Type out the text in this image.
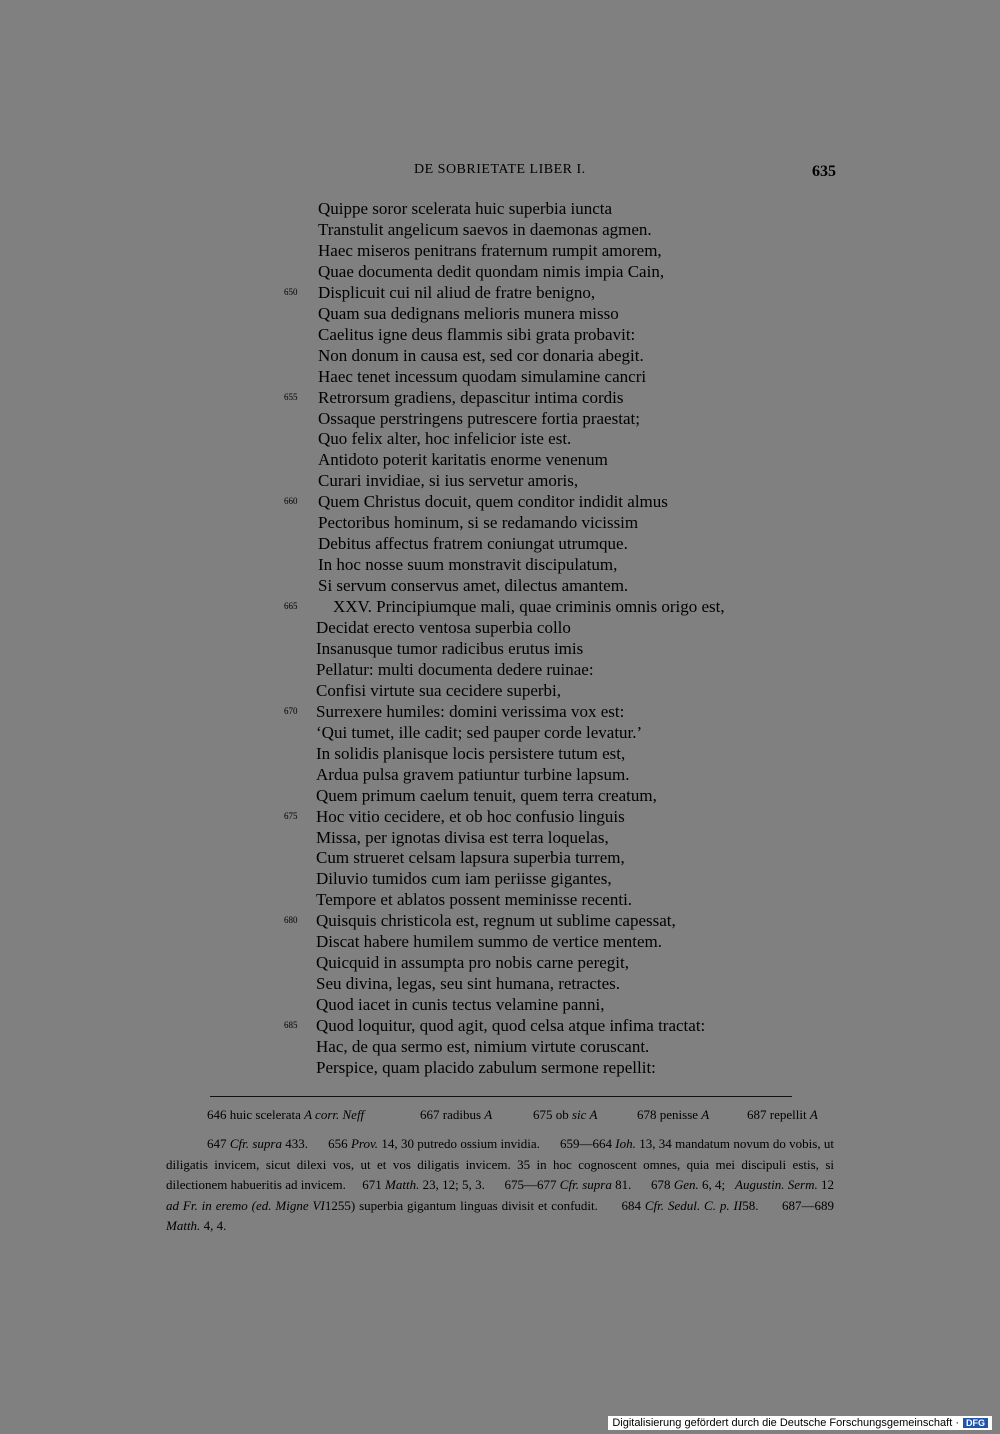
DE SOBRIETATE LIBER I.	635
Quippe soror scelerata huic superbia iuncta
Transtulit angelicum saevos in daemonas agmen.
Haec miseros penitrans fraternum rumpit amorem,
Quae documenta dedit quondam nimis impia Cain,
650	Displicuit cui nil aliud de fratre benigno,
Quam sua dedignans melioris munera misso
Caelitus igne deus flammis sibi grata probavit:
Non donum in causa est, sed cor donaria abegit.
Haec tenet incessum quodam simulamine cancri
655	Retrorsum gradiens, depascitur intima cordis
Ossaque perstringens putrescere fortia praestat;
Quo felix alter, hoc infelicior iste est.
Antidoto poterit karitatis enorme venenum
Curari invidiae, si ius servetur amoris,
660	Quem Christus docuit, quem conditor indidit almus
Pectoribus hominum, si se redamando vicissim
Debitus affectus fratrem coniungat utrumque.
In hoc nosse suum monstravit discipulatum,
Si servum conservus amet, dilectus amantem.
665	XXV. Principiumque mali, quae criminis omnis origo est,
Decidat erecto ventosa superbia collo
Insanusque tumor radicibus erutus imis
Pellatur: multi documenta dedere ruinae:
Confisi virtute sua cecidere superbi,
670	Surrexere humiles: domini verissima vox est:
‘Qui tumet, ille cadit; sed pauper corde levatur.’
In solidis planisque locis persistere tutum est,
Ardua pulsa gravem patiuntur turbine lapsum.
Quem primum caelum tenuit, quem terra creatum,
675	Hoc vitio cecidere, et ob hoc confusio linguis
Missa, per ignotas divisa est terra loquelas,
Cum strueret celsam lapsura superbia turrem,
Diluvio tumidos cum iam periisse gigantes,
Tempore et ablatos possent meminisse recenti.
680	Quisquis christicola est, regnum ut sublime capessat,
Discat habere humilem summo de vertice mentem.
Quicquid in assumpta pro nobis carne peregit,
Seu divina, legas, seu sint humana, retractes.
Quod iacet in cunis tectus velamine panni,
685	Quod loquitur, quod agit, quod celsa atque infima tractat:
Hac, de qua sermo est, nimium virtute coruscant.
Perspice, quam placido zabulum sermone repellit:
646 huic scelerata A corr. Neff	667 radibus A	675 ob sic A	678 penisse A	687 repellit A
647 Cfr. supra 433. 656 Prov. 14, 30 putredo ossium invidia. 659—664 Ioh. 13, 34 mandatum novum do vobis, ut diligatis invicem, sicut dilexi vos, ut et vos diligatis invicem. 35 in hoc cognoscent omnes, quia mei discipuli estis, si dilectionem habueritis ad invicem. 671 Matth. 23, 12; 5, 3. 675—677 Cfr. supra 81. 678 Gen. 6, 4; Augustin. Serm. 12 ad Fr. in eremo (ed. Migne VI1255) superbia gigantum linguas divisit et confudit. 684 Cfr. Sedul. C. p. II58. 687—689 Matth. 4, 4.
Digitalisierung gefördert durch die Deutsche Forschungsgemeinschaft · DFG
